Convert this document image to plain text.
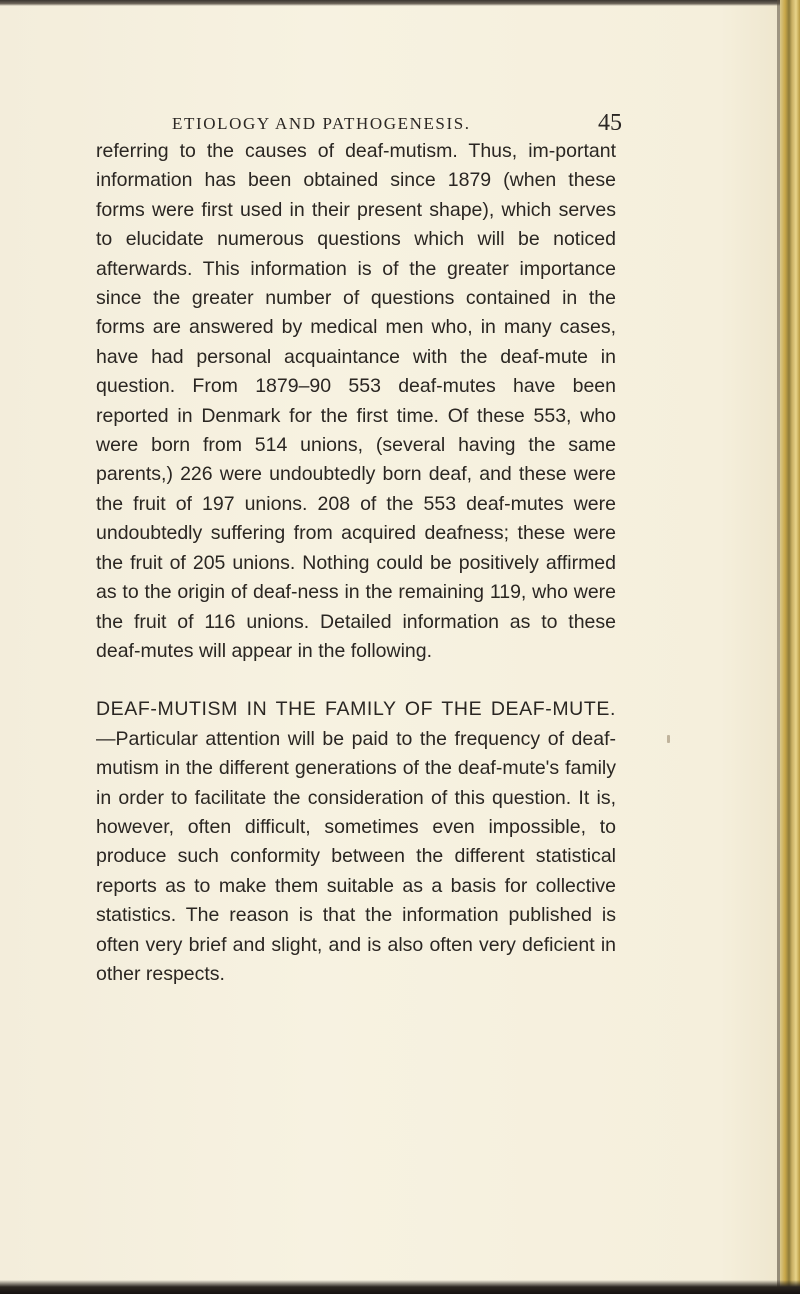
ETIOLOGY AND PATHOGENESIS.	45

referring to the causes of deaf-mutism. Thus, im-portant information has been obtained since 1879 (when these forms were first used in their present shape), which serves to elucidate numerous questions which will be noticed afterwards. This information is of the greater importance since the greater number of questions contained in the forms are answered by medical men who, in many cases, have had personal acquaintance with the deaf-mute in question. From 1879–90 553 deaf-mutes have been reported in Denmark for the first time. Of these 553, who were born from 514 unions, (several having the same parents,) 226 were undoubtedly born deaf, and these were the fruit of 197 unions. 208 of the 553 deaf-mutes were undoubtedly suffering from acquired deafness; these were the fruit of 205 unions. Nothing could be positively affirmed as to the origin of deaf-ness in the remaining 119, who were the fruit of 116 unions. Detailed information as to these deaf-mutes will appear in the following.

DEAF-MUTISM IN THE FAMILY OF THE DEAF-MUTE.—Particular attention will be paid to the frequency of deaf-mutism in the different generations of the deaf-mute's family in order to facilitate the consideration of this question. It is, however, often difficult, sometimes even impossible, to produce such conformity between the different statistical reports as to make them suitable as a basis for collective statistics. The reason is that the information published is often very brief and slight, and is also often very deficient in other respects.
